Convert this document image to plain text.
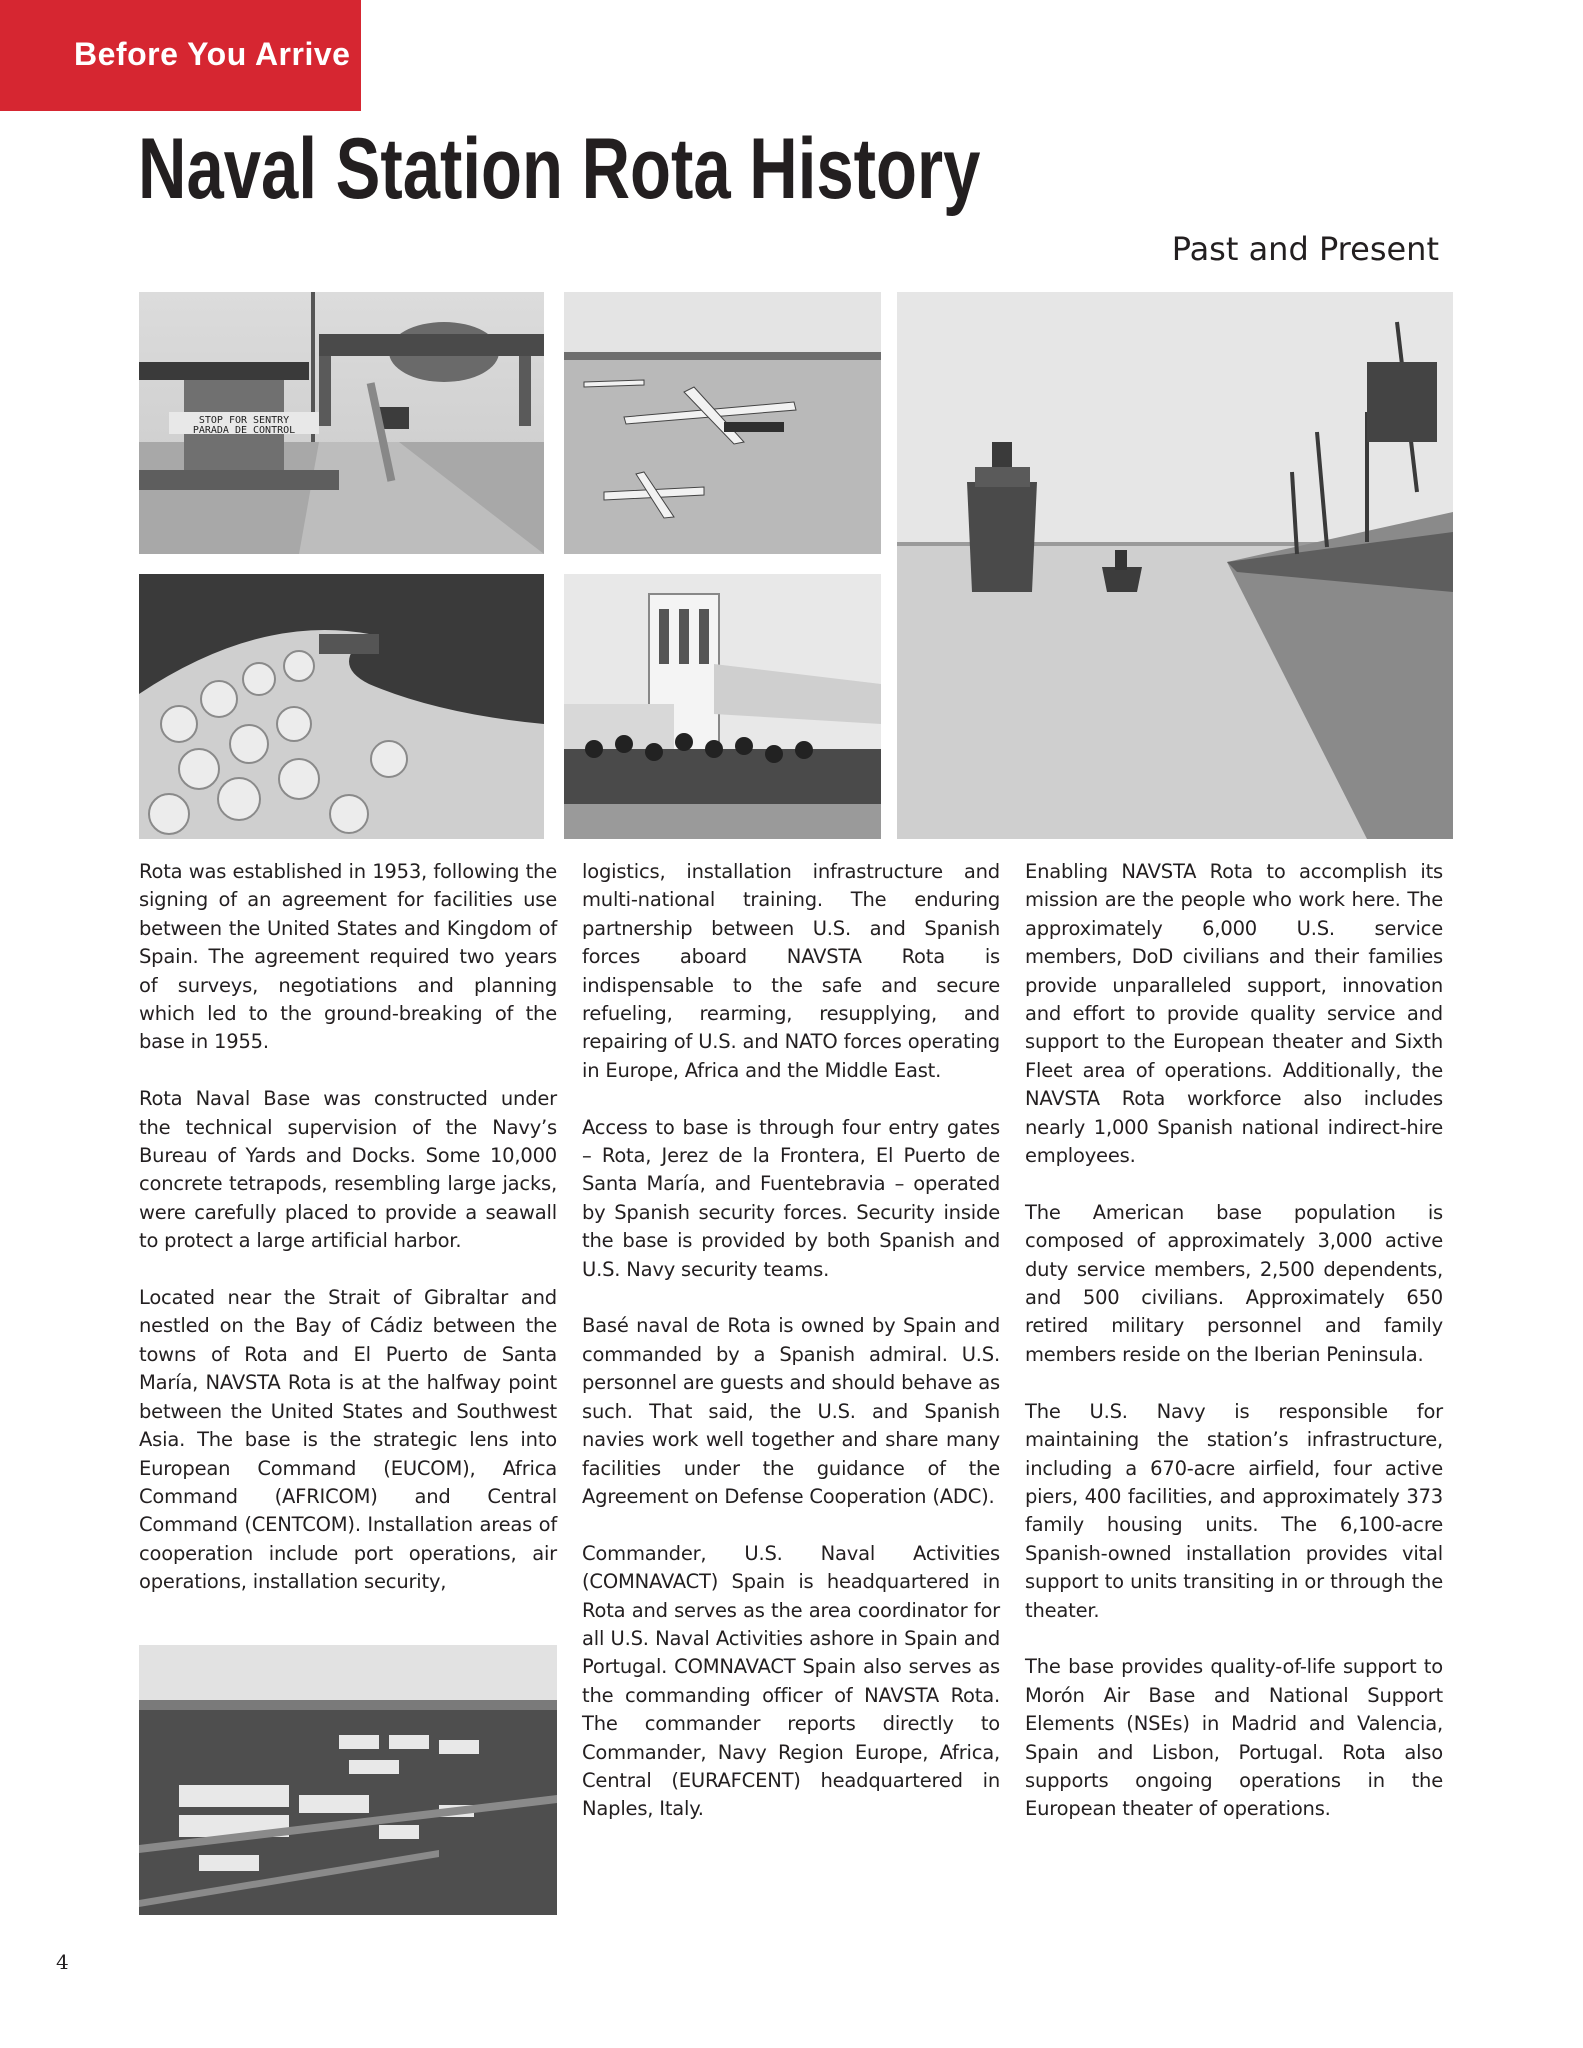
Before You Arrive
Naval Station Rota History
Past and Present
STOP FOR SENTRY
PARADA DE CONTROL

Rota was established in 1953, following the signing of an agreement for facilities use between the United States and Kingdom of Spain. The agreement required two years of surveys, negotiations and planning which led to the ground-breaking of the base in 1955.

Rota Naval Base was constructed under the technical supervision of the Navy’s Bureau of Yards and Docks. Some 10,000 concrete tetrapods, resembling large jacks, were carefully placed to provide a seawall to protect a large artificial harbor.

Located near the Strait of Gibraltar and nestled on the Bay of Cádiz between the towns of Rota and El Puerto de Santa María, NAVSTA Rota is at the halfway point between the United States and Southwest Asia. The base is the strategic lens into European Command (EUCOM), Africa Command (AFRICOM) and Central Command (CENTCOM). Installation areas of cooperation include port operations, air operations, installation security,

logistics, installation infrastructure and multi-national training. The enduring partnership between U.S. and Spanish forces aboard NAVSTA Rota is indispensable to the safe and secure refueling, rearming, resupplying, and repairing of U.S. and NATO forces operating in Europe, Africa and the Middle East.

Access to base is through four entry gates – Rota, Jerez de la Frontera, El Puerto de Santa María, and Fuentebravia – operated by Spanish security forces. Security inside the base is provided by both Spanish and U.S. Navy security teams.

Basé naval de Rota is owned by Spain and commanded by a Spanish admiral. U.S. personnel are guests and should behave as such. That said, the U.S. and Spanish navies work well together and share many facilities under the guidance of the Agreement on Defense Cooperation (ADC).

Commander, U.S. Naval Activities (COMNAVACT) Spain is headquartered in Rota and serves as the area coordinator for all U.S. Naval Activities ashore in Spain and Portugal. COMNAVACT Spain also serves as the commanding officer of NAVSTA Rota. The commander reports directly to Commander, Navy Region Europe, Africa, Central (EURAFCENT) headquartered in Naples, Italy.

Enabling NAVSTA Rota to accomplish its mission are the people who work here. The approximately 6,000 U.S. service members, DoD civilians and their families provide unparalleled support, innovation and effort to provide quality service and support to the European theater and Sixth Fleet area of operations. Additionally, the NAVSTA Rota workforce also includes nearly 1,000 Spanish national indirect-hire employees.

The American base population is composed of approximately 3,000 active duty service members, 2,500 dependents, and 500 civilians. Approximately 650 retired military personnel and family members reside on the Iberian Peninsula.

The U.S. Navy is responsible for maintaining the station’s infrastructure, including a 670-acre airfield, four active piers, 400 facilities, and approximately 373 family housing units. The 6,100-acre Spanish-owned installation provides vital support to units transiting in or through the theater.

The base provides quality-of-life support to Morón Air Base and National Support Elements (NSEs) in Madrid and Valencia, Spain and Lisbon, Portugal. Rota also supports ongoing operations in the European theater of operations.

4
